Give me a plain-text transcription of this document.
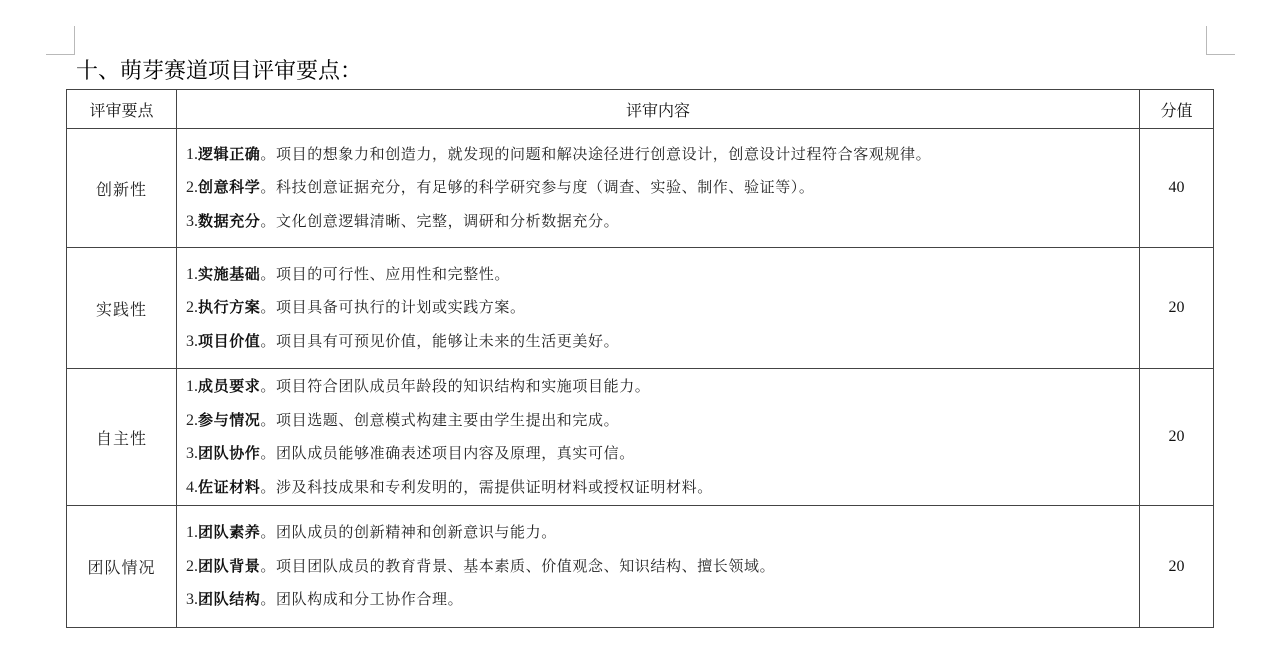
十、萌芽赛道项目评审要点：
评审要点	评审内容	分值
创新性	1.逻辑正确。项目的想象力和创造力，就发现的问题和解决途径进行创意设计，创意设计过程符合客观规律。
2.创意科学。科技创意证据充分，有足够的科学研究参与度（调查、实验、制作、验证等）。
3.数据充分。文化创意逻辑清晰、完整，调研和分析数据充分。	40
实践性	1.实施基础。项目的可行性、应用性和完整性。
2.执行方案。项目具备可执行的计划或实践方案。
3.项目价值。项目具有可预见价值，能够让未来的生活更美好。	20
自主性	1.成员要求。项目符合团队成员年龄段的知识结构和实施项目能力。
2.参与情况。项目选题、创意模式构建主要由学生提出和完成。
3.团队协作。团队成员能够准确表述项目内容及原理，真实可信。
4.佐证材料。涉及科技成果和专利发明的，需提供证明材料或授权证明材料。	20
团队情况	1.团队素养。团队成员的创新精神和创新意识与能力。
2.团队背景。项目团队成员的教育背景、基本素质、价值观念、知识结构、擅长领域。
3.团队结构。团队构成和分工协作合理。	20
